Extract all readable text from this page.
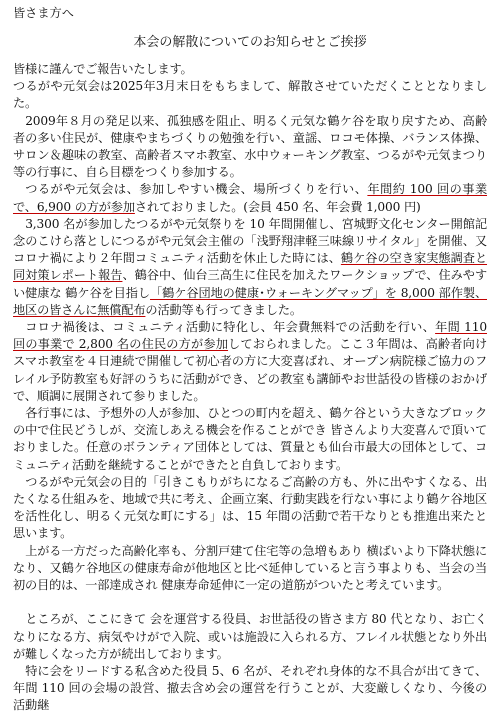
皆さま方へ

本会の解散についてのお知らせとご挨拶

皆様に謹んでご報告いたします。

つるがや元気会は2025年3月末日をもちまして、解散させていただくこととなりました。

2009年８月の発足以来、孤独感を阻止、明るく元気な鶴ケ谷を取り戻すため、高齢者の多い住民が、健康やまちづくりの勉強を行い、童謡、ロコモ体操、バランス体操、サロン＆趣味の教室、高齢者スマホ教室、水中ウォーキング教室、つるがや元気まつり等の行事に、自ら目標をつくり参加する。

つるがや元気会は、参加しやすい機会、場所づくりを行い、年間約 100 回の事業で、6,900 の方が参加されておりました。(会員 450 名、年会費 1,000 円)

3,300 名が参加したつるがや元気祭りを 10 年間開催し、宮城野文化センター開館記念のこけら落としにつるがや元気会主催の「浅野翔津軽三味線リサイタル」を開催、又コロナ禍により２年間コミュニティ活動を休止した時には、鶴ケ谷の空き家実態調査と同対策レポート報告、鶴谷中、仙台三高生に住民を加えたワークショップで、住みやすい健康な 鶴ケ谷を目指し「鶴ケ谷団地の健康･ウォーキングマップ」を 8,000 部作製、地区の皆さんに無償配布の活動等も行ってきました。

コロナ禍後は、コミュニティ活動に特化し、年会費無料での活動を行い、年間 110 回の事業で 2,800 名の住民の方が参加しておられました。ここ３年間は、高齢者向けスマホ教室を４日連続で開催して初心者の方に大変喜ばれ、オープン病院様ご協力のフレイル予防教室も好評のうちに活動ができ、どの教室も講師やお世話役の皆様のおかげで、順調に展開されて参りました。

各行事には、予想外の人が参加、ひとつの町内を超え、鶴ケ谷という大きなブロックの中で住民どうしが、交流しあえる機会を作ることができ 皆さんより大変喜んで頂いておりました。任意のボランティア団体としては、質量とも仙台市最大の団体として、コミュニティ活動を継続することができたと自負しております。

つるがや元気会の目的「引きこもりがちになるご高齢の方も、外に出やすくなる、出たくなる仕組みを、地域で共に考え、企画立案、行動実践を行ない事により鶴ケ谷地区を活性化し、明るく元気な町にする」は、15 年間の活動で若干なりとも推進出来たと思います。

上がる一方だった高齢化率も、分割戸建て住宅等の急増もあり 横ばいより下降状態になり、又鶴ケ谷地区の健康寿命が他地区と比べ延伸していると言う事よりも、当会の当初の目的は、一部達成され 健康寿命延伸に一定の道筋がついたと考えています。

ところが、ここにきて 会を運営する役員、お世話役の皆さま方 80 代となり、お亡くなりになる方、病気やけがで入院、或いは施設に入られる方、フレイル状態となり外出が難しくなった方が続出しております。

特に会をリードする私含めた役員 5、6 名が、それぞれ身体的な不具合が出てきて、年間 110 回の会場の設営、撤去含め会の運営を行うことが、大変厳しくなり、今後の活動継
